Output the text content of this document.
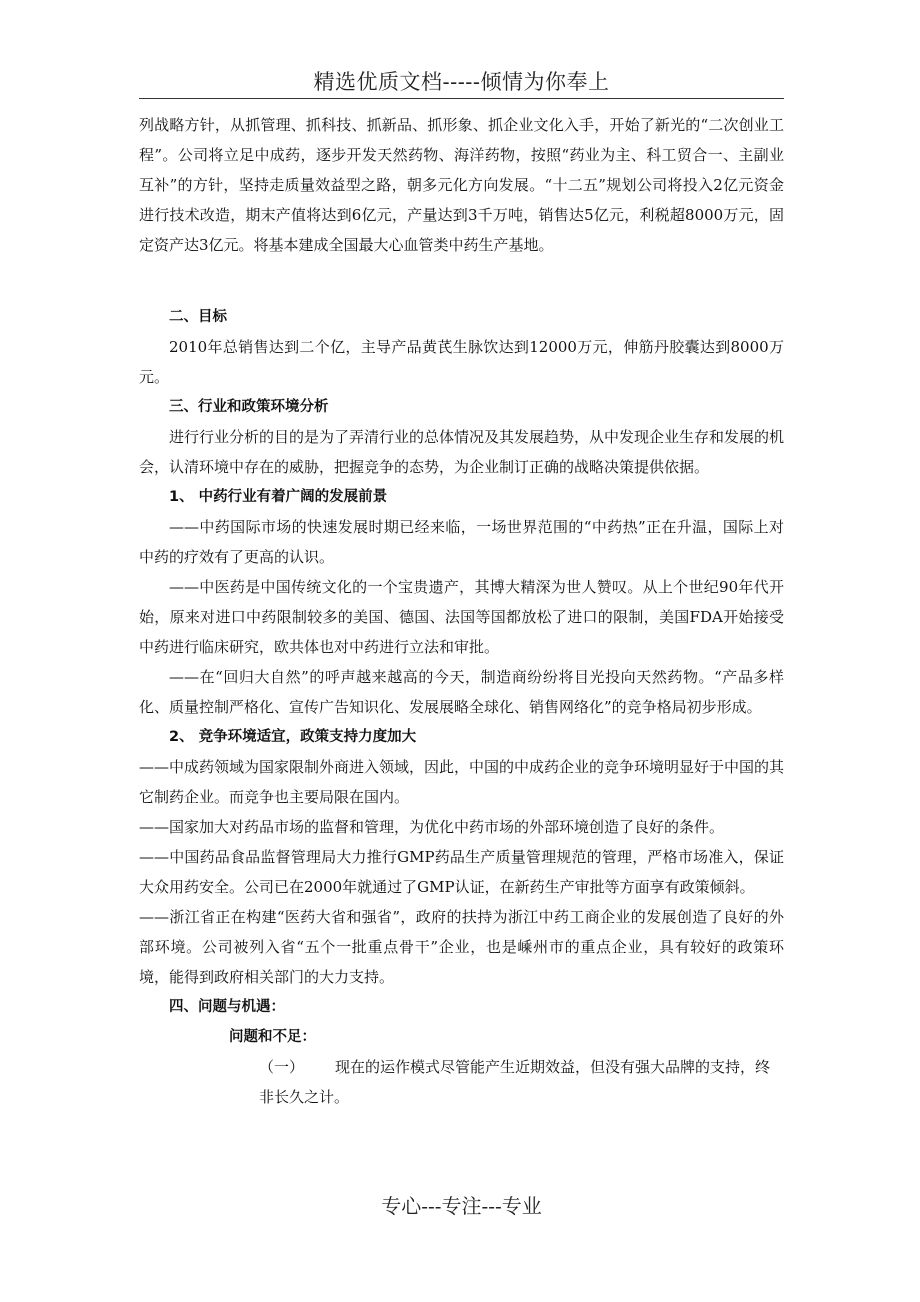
精选优质文档-----倾情为你奉上

列战略方针，从抓管理、抓科技、抓新品、抓形象、抓企业文化入手，开始了新光的“二次创业工程”。公司将立足中成药，逐步开发天然药物、海洋药物，按照“药业为主、科工贸合一、主副业互补”的方针，坚持走质量效益型之路，朝多元化方向发展。“十二五”规划公司将投入2亿元资金进行技术改造，期末产值将达到6亿元，产量达到3千万吨，销售达5亿元，利税超8000万元，固定资产达3亿元。将基本建成全国最大心血管类中药生产基地。

二、目标

2010年总销售达到二个亿，主导产品黄芪生脉饮达到12000万元，伸筋丹胶囊达到8000万元。

三、行业和政策环境分析

进行行业分析的目的是为了弄清行业的总体情况及其发展趋势，从中发现企业生存和发展的机会，认清环境中存在的威胁，把握竞争的态势，为企业制订正确的战略决策提供依据。

1、 中药行业有着广阔的发展前景

——中药国际市场的快速发展时期已经来临，一场世界范围的“中药热”正在升温，国际上对中药的疗效有了更高的认识。

——中医药是中国传统文化的一个宝贵遗产，其博大精深为世人赞叹。从上个世纪90年代开始，原来对进口中药限制较多的美国、德国、法国等国都放松了进口的限制，美国FDA开始接受中药进行临床研究，欧共体也对中药进行立法和审批。

——在“回归大自然”的呼声越来越高的今天，制造商纷纷将目光投向天然药物。“产品多样化、质量控制严格化、宣传广告知识化、发展展略全球化、销售网络化”的竞争格局初步形成。

2、 竞争环境适宜，政策支持力度加大

——中成药领域为国家限制外商进入领域，因此，中国的中成药企业的竞争环境明显好于中国的其它制药企业。而竞争也主要局限在国内。

——国家加大对药品市场的监督和管理，为优化中药市场的外部环境创造了良好的条件。

——中国药品食品监督管理局大力推行GMP药品生产质量管理规范的管理，严格市场准入，保证大众用药安全。公司已在2000年就通过了GMP认证，在新药生产审批等方面享有政策倾斜。

——浙江省正在构建“医药大省和强省”，政府的扶持为浙江中药工商企业的发展创造了良好的外部环境。公司被列入省“五个一批重点骨干”企业，也是嵊州市的重点企业，具有较好的政策环境，能得到政府相关部门的大力支持。

四、问题与机遇：

问题和不足：

（一） 现在的运作模式尽管能产生近期效益，但没有强大品牌的支持，终非长久之计。

专心---专注---专业
